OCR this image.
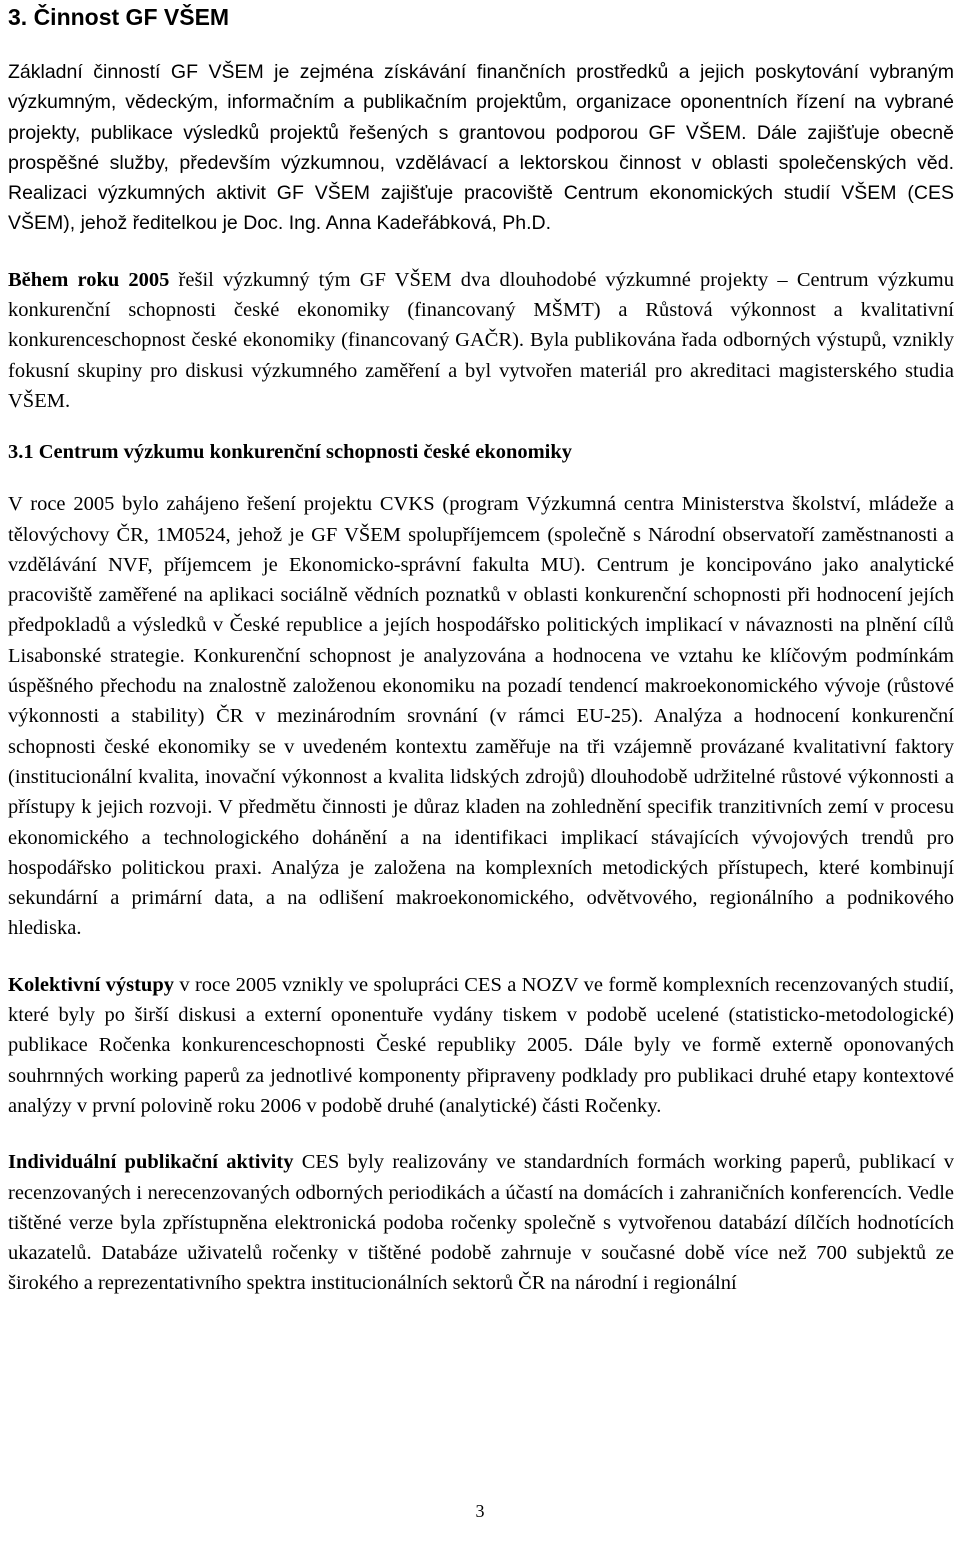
3. Činnost GF VŠEM

Základní činností GF VŠEM je zejména získávání finančních prostředků a jejich poskytování vybraným výzkumným, vědeckým, informačním a publikačním projektům, organizace oponentních řízení na vybrané projekty, publikace výsledků projektů řešených s grantovou podporou GF VŠEM. Dále zajišťuje obecně prospěšné služby, především výzkumnou, vzdělávací a lektorskou činnost v oblasti společenských věd. Realizaci výzkumných aktivit GF VŠEM zajišťuje pracoviště Centrum ekonomických studií VŠEM (CES VŠEM), jehož ředitelkou je Doc. Ing. Anna Kadeřábková, Ph.D.

Během roku 2005 řešil výzkumný tým GF VŠEM dva dlouhodobé výzkumné projekty – Centrum výzkumu konkurenční schopnosti české ekonomiky (financovaný MŠMT) a Růstová výkonnost a kvalitativní konkurenceschopnost české ekonomiky (financovaný GAČR). Byla publikována řada odborných výstupů, vznikly fokusní skupiny pro diskusi výzkumného zaměření a byl vytvořen materiál pro akreditaci magisterského studia VŠEM.

3.1 Centrum výzkumu konkurenční schopnosti české ekonomiky

V roce 2005 bylo zahájeno řešení projektu CVKS (program Výzkumná centra Ministerstva školství, mládeže a tělovýchovy ČR, 1M0524, jehož je GF VŠEM spolupříjemcem (společně s Národní observatoří zaměstnanosti a vzdělávání NVF, příjemcem je Ekonomicko-správní fakulta MU). Centrum je koncipováno jako analytické pracoviště zaměřené na aplikaci sociálně vědních poznatků v oblasti konkurenční schopnosti při hodnocení jejích předpokladů a výsledků v České republice a jejích hospodářsko politických implikací v návaznosti na plnění cílů Lisabonské strategie. Konkurenční schopnost je analyzována a hodnocena ve vztahu ke klíčovým podmínkám úspěšného přechodu na znalostně založenou ekonomiku na pozadí tendencí makroekonomického vývoje (růstové výkonnosti a stability) ČR v mezinárodním srovnání (v rámci EU-25). Analýza a hodnocení konkurenční schopnosti české ekonomiky se v uvedeném kontextu zaměřuje na tři vzájemně provázané kvalitativní faktory (institucionální kvalita, inovační výkonnost a kvalita lidských zdrojů) dlouhodobě udržitelné růstové výkonnosti a přístupy k jejich rozvoji. V předmětu činnosti je důraz kladen na zohlednění specifik tranzitivních zemí v procesu ekonomického a technologického dohánění a na identifikaci implikací stávajících vývojových trendů pro hospodářsko politickou praxi. Analýza je založena na komplexních metodických přístupech, které kombinují sekundární a primární data, a na odlišení makroekonomického, odvětvového, regionálního a podnikového hlediska.

Kolektivní výstupy v roce 2005 vznikly ve spolupráci CES a NOZV ve formě komplexních recenzovaných studií, které byly po širší diskusi a externí oponentuře vydány tiskem v podobě ucelené (statisticko-metodologické) publikace Ročenka konkurenceschopnosti České republiky 2005. Dále byly ve formě externě oponovaných souhrnných working paperů za jednotlivé komponenty připraveny podklady pro publikaci druhé etapy kontextové analýzy v první polovině roku 2006 v podobě druhé (analytické) části Ročenky.

Individuální publikační aktivity CES byly realizovány ve standardních formách working paperů, publikací v recenzovaných i nerecenzovaných odborných periodikách a účastí na domácích i zahraničních konferencích. Vedle tištěné verze byla zpřístupněna elektronická podoba ročenky společně s vytvořenou databází dílčích hodnotících ukazatelů. Databáze uživatelů ročenky v tištěné podobě zahrnuje v současné době více než 700 subjektů ze širokého a reprezentativního spektra institucionálních sektorů ČR na národní i regionální

3
